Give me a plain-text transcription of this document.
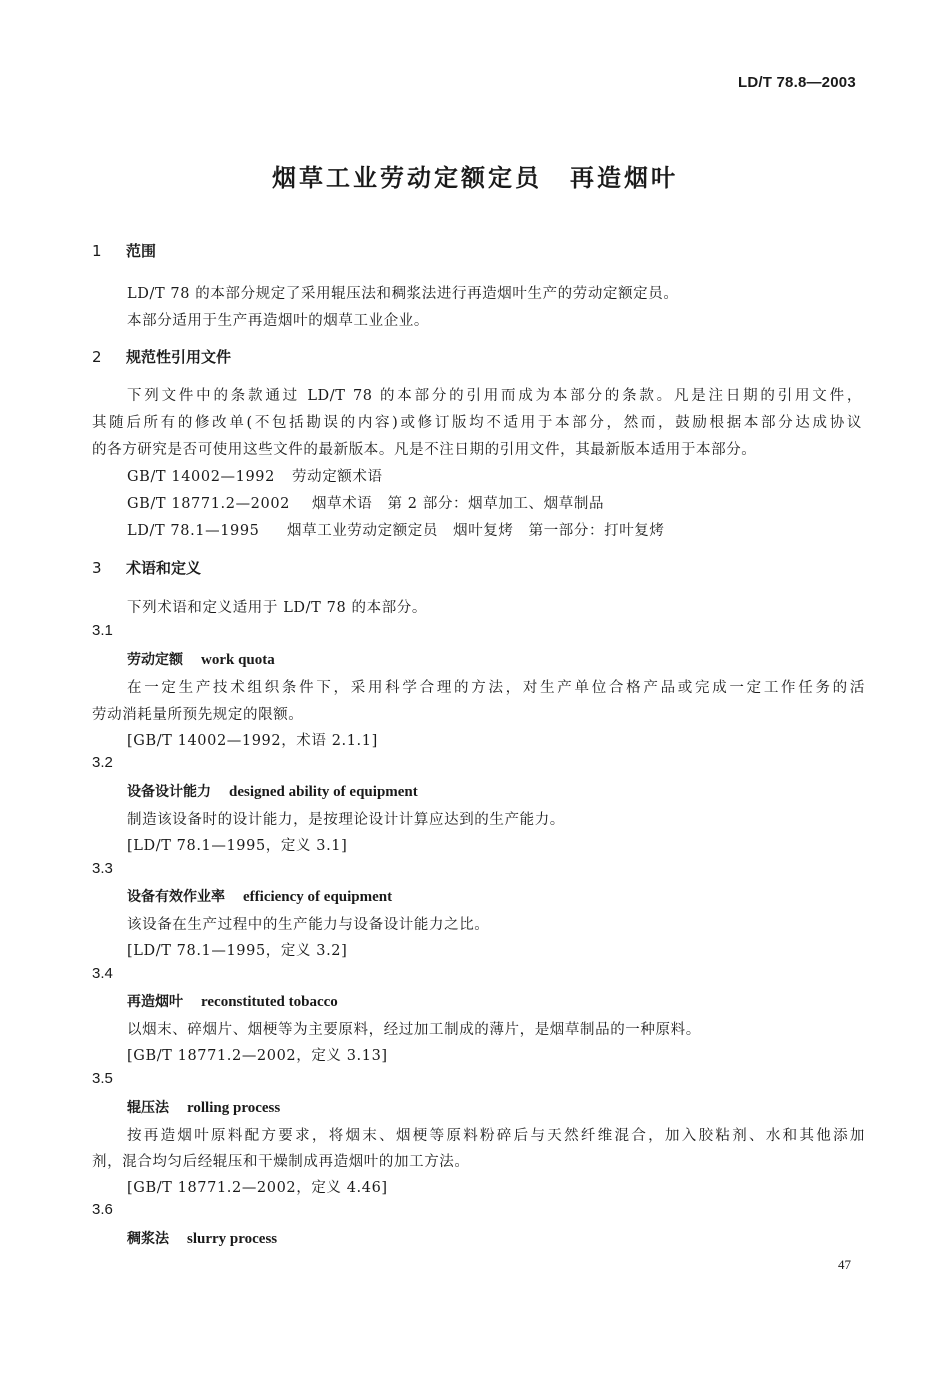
LD/T 78.8—2003
烟草工业劳动定额定员 再造烟叶
1 范围
LD/T 78 的本部分规定了采用辊压法和稠浆法进行再造烟叶生产的劳动定额定员。
本部分适用于生产再造烟叶的烟草工业企业。
2 规范性引用文件
下列文件中的条款通过 LD/T 78 的本部分的引用而成为本部分的条款。凡是注日期的引用文件，
其随后所有的修改单(不包括勘误的内容)或修订版均不适用于本部分，然而，鼓励根据本部分达成协议
的各方研究是否可使用这些文件的最新版本。凡是不注日期的引用文件，其最新版本适用于本部分。
GB/T 14002—1992 劳动定额术语
GB/T 18771.2—2002 烟草术语　第 2 部分：烟草加工、烟草制品
LD/T 78.1—1995 烟草工业劳动定额定员　烟叶复烤　第一部分：打叶复烤
3 术语和定义
下列术语和定义适用于 LD/T 78 的本部分。
3.1
劳动定额 work quota
在一定生产技术组织条件下，采用科学合理的方法，对生产单位合格产品或完成一定工作任务的活
劳动消耗量所预先规定的限额。
[GB/T 14002—1992，术语 2.1.1]
3.2
设备设计能力 designed ability of equipment
制造该设备时的设计能力，是按理论设计计算应达到的生产能力。
[LD/T 78.1—1995，定义 3.1]
3.3
设备有效作业率 efficiency of equipment
该设备在生产过程中的生产能力与设备设计能力之比。
[LD/T 78.1—1995，定义 3.2]
3.4
再造烟叶 reconstituted tobacco
以烟末、碎烟片、烟梗等为主要原料，经过加工制成的薄片，是烟草制品的一种原料。
[GB/T 18771.2—2002，定义 3.13]
3.5
辊压法 rolling process
按再造烟叶原料配方要求，将烟末、烟梗等原料粉碎后与天然纤维混合，加入胶粘剂、水和其他添加
剂，混合均匀后经辊压和干燥制成再造烟叶的加工方法。
[GB/T 18771.2—2002，定义 4.46]
3.6
稠浆法 slurry process
47
